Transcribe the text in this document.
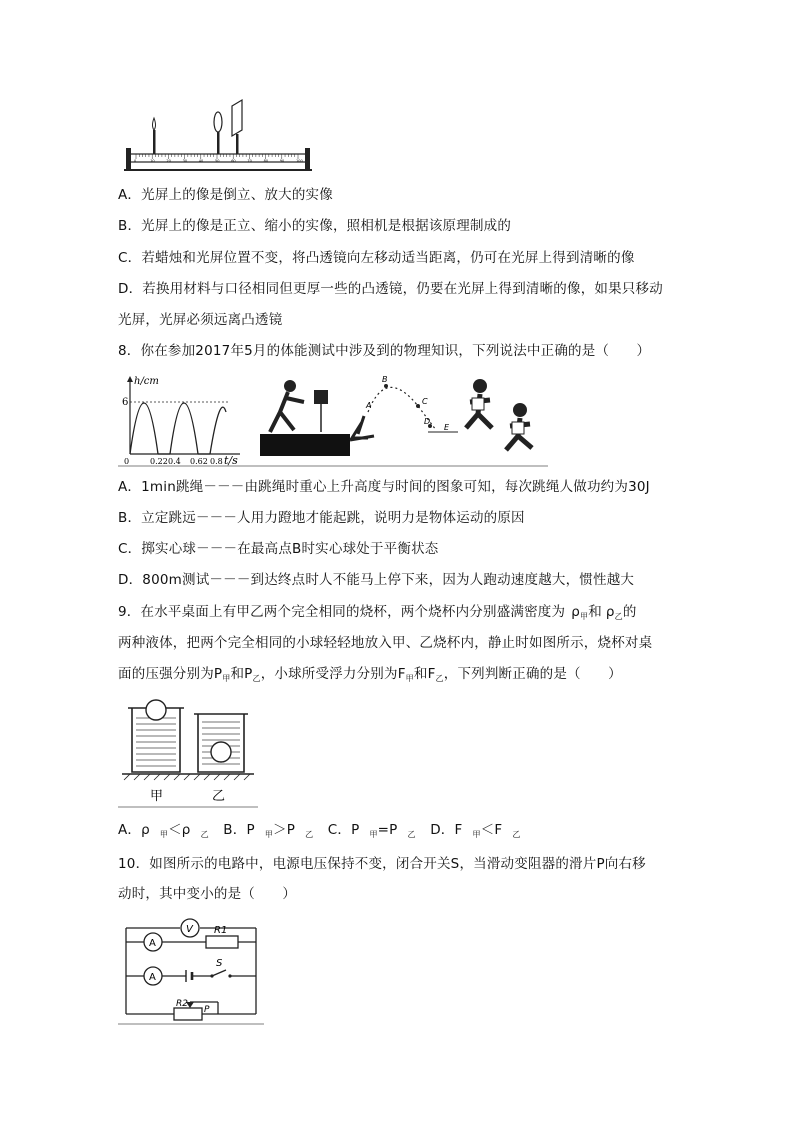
0	10	20	30	40	50	60	70	80	90	100
A．光屏上的像是倒立、放大的实像
B．光屏上的像是正立、缩小的实像，照相机是根据该原理制成的
C．若蜡烛和光屏位置不变，将凸透镜向左移动适当距离，仍可在光屏上得到清晰的像
D．若换用材料与口径相同但更厚一些的凸透镜，仍要在光屏上得到清晰的像，如果只移动
光屏，光屏必须远离凸透镜
8．你在参加2017年5月的体能测试中涉及到的物理知识，下列说法中正确的是（　　）
h/cm
6
0	0.22 0.4 0.62 0.8 t/s
A
B
C
D
E
A．1min跳绳－－－由跳绳时重心上升高度与时间的图象可知，每次跳绳人做功约为30J
B．立定跳远－－－人用力蹬地才能起跳，说明力是物体运动的原因
C．掷实心球－－－在最高点B时实心球处于平衡状态
D．800m测试－－－到达终点时人不能马上停下来，因为人跑动速度越大，惯性越大
9．在水平桌面上有甲乙两个完全相同的烧杯，两个烧杯内分别盛满密度为 $\rho_甲$和 $\rho_乙$的
两种液体，把两个完全相同的小球轻轻地放入甲、乙烧杯内，静止时如图所示，烧杯对桌
面的压强分别为$P_甲$和$P_乙$，小球所受浮力分别为$F_甲$和$F_乙$，下列判断正确的是（　　）
甲	乙
A．ρ $_甲$＜ρ $_乙$ B．P $_甲$＞P $_乙$ C．P $_甲$=P $_乙$ D．F $_甲$＜F $_乙$
10．如图所示的电路中，电源电压保持不变，闭合开关S，当滑动变阻器的滑片P向右移
动时，其中变小的是（　　）
V
A
A
R1
S
R2
P
